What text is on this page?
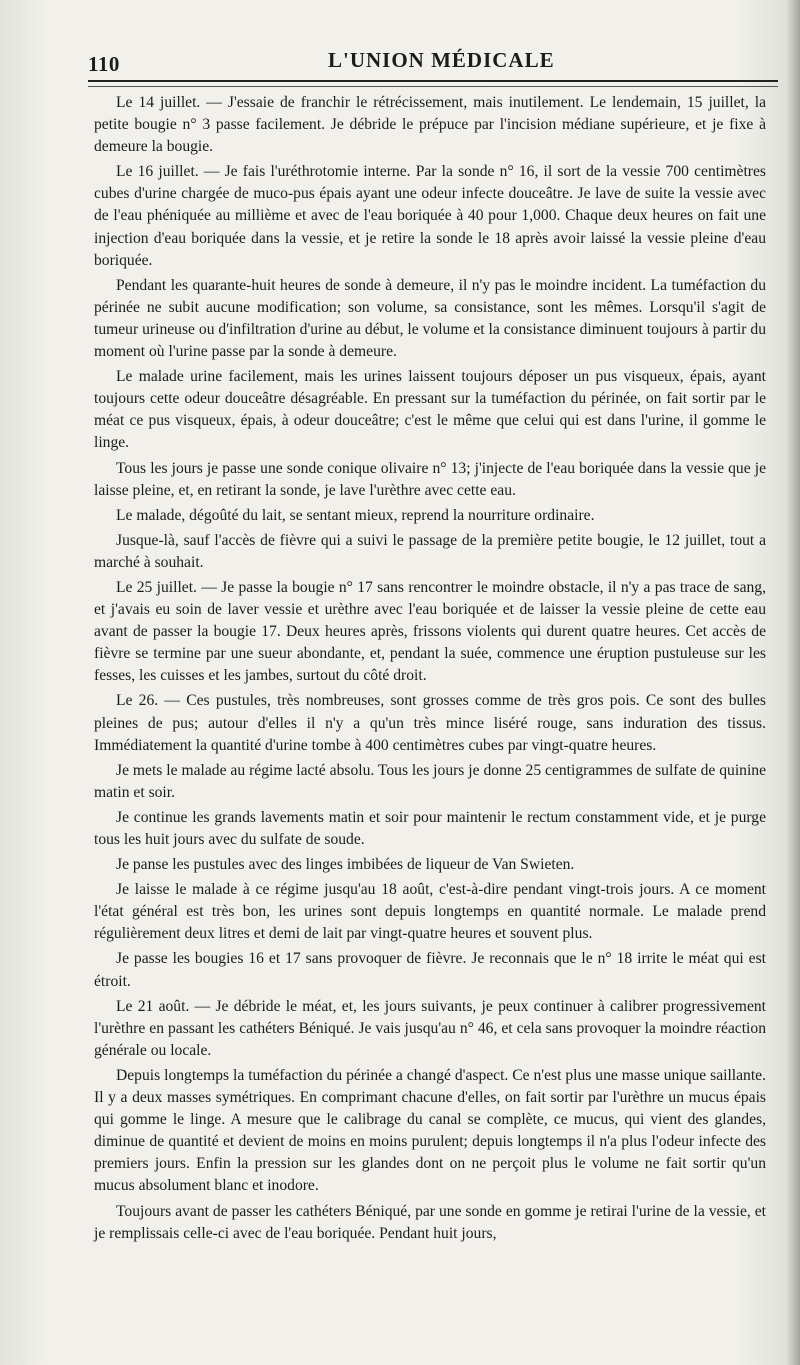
110	L'UNION MÉDICALE

Le 14 juillet. — J'essaie de franchir le rétrécissement, mais inutilement. Le lendemain, 15 juillet, la petite bougie n° 3 passe facilement. Je débride le prépuce par l'incision médiane supérieure, et je fixe à demeure la bougie.

Le 16 juillet. — Je fais l'uréthrotomie interne. Par la sonde n° 16, il sort de la vessie 700 centimètres cubes d'urine chargée de muco-pus épais ayant une odeur infecte douceâtre. Je lave de suite la vessie avec de l'eau phéniquée au millième et avec de l'eau boriquée à 40 pour 1,000. Chaque deux heures on fait une injection d'eau boriquée dans la vessie, et je retire la sonde le 18 après avoir laissé la vessie pleine d'eau boriquée.

Pendant les quarante-huit heures de sonde à demeure, il n'y pas le moindre incident. La tuméfaction du périnée ne subit aucune modification; son volume, sa consistance, sont les mêmes. Lorsqu'il s'agit de tumeur urineuse ou d'infiltration d'urine au début, le volume et la consistance diminuent toujours à partir du moment où l'urine passe par la sonde à demeure.

Le malade urine facilement, mais les urines laissent toujours déposer un pus visqueux, épais, ayant toujours cette odeur douceâtre désagréable. En pressant sur la tuméfaction du périnée, on fait sortir par le méat ce pus visqueux, épais, à odeur douceâtre; c'est le même que celui qui est dans l'urine, il gomme le linge.

Tous les jours je passe une sonde conique olivaire n° 13; j'injecte de l'eau boriquée dans la vessie que je laisse pleine, et, en retirant la sonde, je lave l'urèthre avec cette eau.

Le malade, dégoûté du lait, se sentant mieux, reprend la nourriture ordinaire.

Jusque-là, sauf l'accès de fièvre qui a suivi le passage de la première petite bougie, le 12 juillet, tout a marché à souhait.

Le 25 juillet. — Je passe la bougie n° 17 sans rencontrer le moindre obstacle, il n'y a pas trace de sang, et j'avais eu soin de laver vessie et urèthre avec l'eau boriquée et de laisser la vessie pleine de cette eau avant de passer la bougie 17. Deux heures après, frissons violents qui durent quatre heures. Cet accès de fièvre se termine par une sueur abondante, et, pendant la suée, commence une éruption pustuleuse sur les fesses, les cuisses et les jambes, surtout du côté droit.

Le 26. — Ces pustules, très nombreuses, sont grosses comme de très gros pois. Ce sont des bulles pleines de pus; autour d'elles il n'y a qu'un très mince liséré rouge, sans induration des tissus. Immédiatement la quantité d'urine tombe à 400 centimètres cubes par vingt-quatre heures.

Je mets le malade au régime lacté absolu. Tous les jours je donne 25 centigrammes de sulfate de quinine matin et soir.

Je continue les grands lavements matin et soir pour maintenir le rectum constamment vide, et je purge tous les huit jours avec du sulfate de soude.

Je panse les pustules avec des linges imbibées de liqueur de Van Swieten.

Je laisse le malade à ce régime jusqu'au 18 août, c'est-à-dire pendant vingt-trois jours. A ce moment l'état général est très bon, les urines sont depuis longtemps en quantité normale. Le malade prend régulièrement deux litres et demi de lait par vingt-quatre heures et souvent plus.

Je passe les bougies 16 et 17 sans provoquer de fièvre. Je reconnais que le n° 18 irrite le méat qui est étroit.

Le 21 août. — Je débride le méat, et, les jours suivants, je peux continuer à calibrer progressivement l'urèthre en passant les cathéters Béniqué. Je vais jusqu'au n° 46, et cela sans provoquer la moindre réaction générale ou locale.

Depuis longtemps la tuméfaction du périnée a changé d'aspect. Ce n'est plus une masse unique saillante. Il y a deux masses symétriques. En comprimant chacune d'elles, on fait sortir par l'urèthre un mucus épais qui gomme le linge. A mesure que le calibrage du canal se complète, ce mucus, qui vient des glandes, diminue de quantité et devient de moins en moins purulent; depuis longtemps il n'a plus l'odeur infecte des premiers jours. Enfin la pression sur les glandes dont on ne perçoit plus le volume ne fait sortir qu'un mucus absolument blanc et inodore.

Toujours avant de passer les cathéters Béniqué, par une sonde en gomme je retirai l'urine de la vessie, et je remplissais celle-ci avec de l'eau boriquée. Pendant huit jours,
